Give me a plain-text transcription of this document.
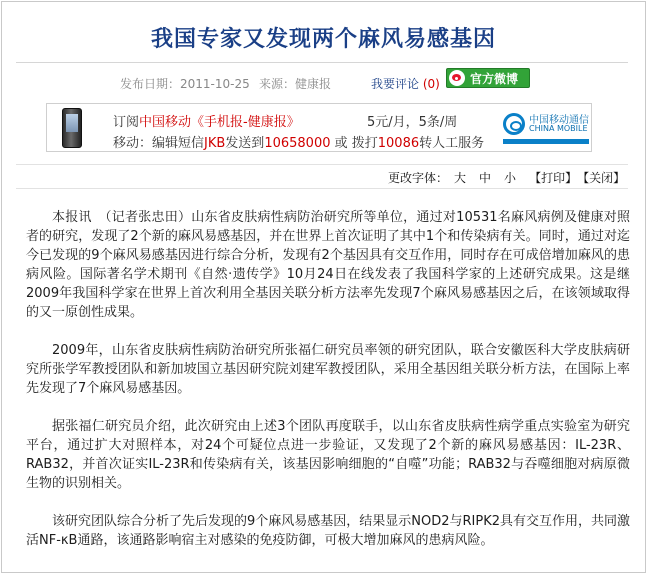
我国专家又发现两个麻风易感基因
发布日期：2011-10-25 来源：健康报	我要评论 (0)	官方微博
订阅中国移动《手机报-健康报》	5元/月，5条/周
移动：编辑短信JKB发送到10658000 或 拨打10086转人工服务
中国移动通信
CHINA MOBILE
更改字体： 大 中 小 【打印】 【关闭】

本报讯　（记者张忠田）山东省皮肤病性病防治研究所等单位，通过对10531名麻风病例及健康对照者的研究，发现了2个新的麻风易感基因，并在世界上首次证明了其中1个和传染病有关。同时，通过对迄今已发现的9个麻风易感基因进行综合分析，发现有2个基因具有交互作用，同时存在可成倍增加麻风的患病风险。国际著名学术期刊《自然·遗传学》10月24日在线发表了我国科学家的上述研究成果。这是继2009年我国科学家在世界上首次利用全基因关联分析方法率先发现7个麻风易感基因之后，在该领域取得的又一原创性成果。

2009年，山东省皮肤病性病防治研究所张福仁研究员率领的研究团队，联合安徽医科大学皮肤病研究所张学军教授团队和新加坡国立基因研究院刘建军教授团队，采用全基因组关联分析方法，在国际上率先发现了7个麻风易感基因。

据张福仁研究员介绍，此次研究由上述3个团队再度联手，以山东省皮肤病性病学重点实验室为研究平台，通过扩大对照样本，对24个可疑位点进一步验证，又发现了2个新的麻风易感基因：IL-23R、RAB32，并首次证实IL-23R和传染病有关，该基因影响细胞的“自噬”功能；RAB32与吞噬细胞对病原微生物的识别相关。

该研究团队综合分析了先后发现的9个麻风易感基因，结果显示NOD2与RIPK2具有交互作用，共同激活NF-κB通路，该通路影响宿主对感染的免疫防御，可极大增加麻风的患病风险。
